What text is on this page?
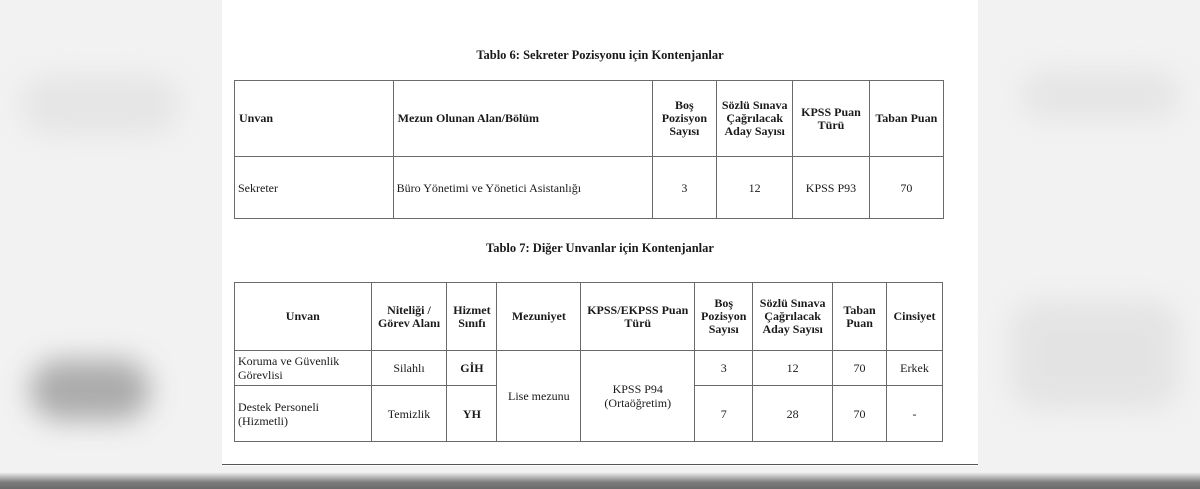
Tablo 6: Sekreter Pozisyonu için Kontenjanlar
Unvan	Mezun Olunan Alan/Bölüm	Boş Pozisyon Sayısı	Sözlü Sınava Çağrılacak Aday Sayısı	KPSS Puan Türü	Taban Puan
Sekreter	Büro Yönetimi ve Yönetici Asistanlığı	3	12	KPSS P93	70
Tablo 7: Diğer Unvanlar için Kontenjanlar
Unvan	Niteliği / Görev Alanı	Hizmet Sınıfı	Mezuniyet	KPSS/EKPSS Puan Türü	Boş Pozisyon Sayısı	Sözlü Sınava Çağrılacak Aday Sayısı	Taban Puan	Cinsiyet
Koruma ve Güvenlik Görevlisi	Silahlı	GİH	Lise mezunu	KPSS P94 (Ortaöğretim)	3	12	70	Erkek
Destek Personeli (Hizmetli)	Temizlik	YH			7	28	70	-
